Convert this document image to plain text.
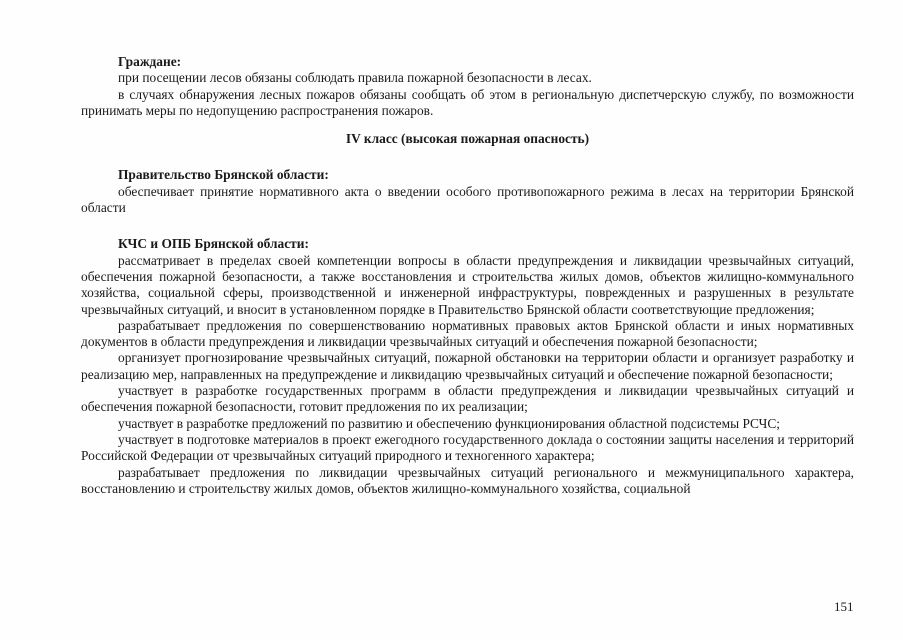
Граждане:

при посещении лесов обязаны соблюдать правила пожарной безопасности в лесах.

в случаях обнаружения лесных пожаров обязаны сообщать об этом в региональную диспетчерскую службу, по возможности принимать меры по недопущению распространения пожаров.

IV класс (высокая пожарная опасность)

Правительство Брянской области:

обеспечивает принятие нормативного акта о введении особого противопожарного режима в лесах на территории Брянской области

КЧС и ОПБ Брянской области:

рассматривает в пределах своей компетенции вопросы в области предупреждения и ликвидации чрезвычайных ситуаций, обеспечения пожарной безопасности, а также восстановления и строительства жилых домов, объектов жилищно-коммунального хозяйства, социальной сферы, производственной и инженерной инфраструктуры, поврежденных и разрушенных в результате чрезвычайных ситуаций, и вносит в установленном порядке в Правительство Брянской области соответствующие предложения;

разрабатывает предложения по совершенствованию нормативных правовых актов Брянской области и иных нормативных документов в области предупреждения и ликвидации чрезвычайных ситуаций и обеспечения пожарной безопасности;

организует прогнозирование чрезвычайных ситуаций, пожарной обстановки на территории области и организует разработку и реализацию мер, направленных на предупреждение и ликвидацию чрезвычайных ситуаций и обеспечение пожарной безопасности;

участвует в разработке государственных программ в области предупреждения и ликвидации чрезвычайных ситуаций и обеспечения пожарной безопасности, готовит предложения по их реализации;

участвует в разработке предложений по развитию и обеспечению функционирования областной подсистемы РСЧС;

участвует в подготовке материалов в проект ежегодного государственного доклада о состоянии защиты населения и территорий Российской Федерации от чрезвычайных ситуаций природного и техногенного характера;

разрабатывает предложения по ликвидации чрезвычайных ситуаций регионального и межмуниципального характера, восстановлению и строительству жилых домов, объектов жилищно-коммунального хозяйства, социальной

151
